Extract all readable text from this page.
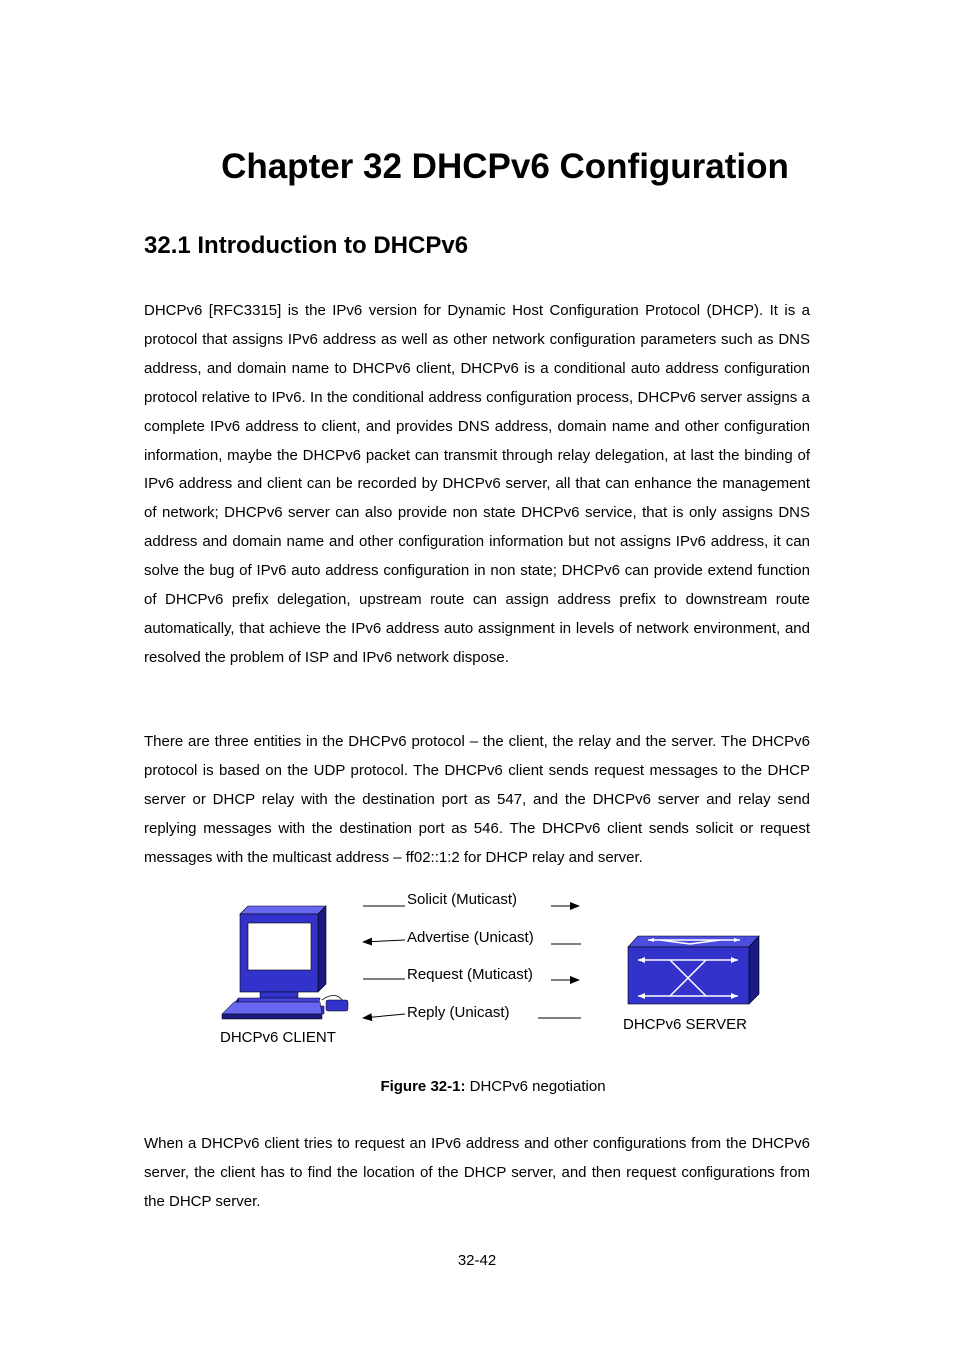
Chapter 32 DHCPv6 Configuration
32.1 Introduction to DHCPv6

DHCPv6 [RFC3315] is the IPv6 version for Dynamic Host Configuration Protocol (DHCP). It is a protocol that assigns IPv6 address as well as other network configuration parameters such as DNS address, and domain name to DHCPv6 client, DHCPv6 is a conditional auto address configuration protocol relative to IPv6. In the conditional address configuration process, DHCPv6 server assigns a complete IPv6 address to client, and provides DNS address, domain name and other configuration information, maybe the DHCPv6 packet can transmit through relay delegation, at last the binding of IPv6 address and client can be recorded by DHCPv6 server, all that can enhance the management of network; DHCPv6 server can also provide non state DHCPv6 service, that is only assigns DNS address and domain name and other configuration information but not assigns IPv6 address, it can solve the bug of IPv6 auto address configuration in non state; DHCPv6 can provide extend function of DHCPv6 prefix delegation, upstream route can assign address prefix to downstream route automatically, that achieve the IPv6 address auto assignment in levels of network environment, and resolved the problem of ISP and IPv6 network dispose.

There are three entities in the DHCPv6 protocol – the client, the relay and the server. The DHCPv6 protocol is based on the UDP protocol. The DHCPv6 client sends request messages to the DHCP server or DHCP relay with the destination port as 547, and the DHCPv6 server and relay send replying messages with the destination port as 546. The DHCPv6 client sends solicit or request messages with the multicast address – ff02::1:2 for DHCP relay and server.

Solicit (Muticast)
Advertise (Unicast)
Request (Muticast)
Reply (Unicast)
DHCPv6 CLIENT
DHCPv6 SERVER
Figure 32-1: DHCPv6 negotiation

When a DHCPv6 client tries to request an IPv6 address and other configurations from the DHCPv6 server, the client has to find the location of the DHCP server, and then request configurations from the DHCP server.

32-42
